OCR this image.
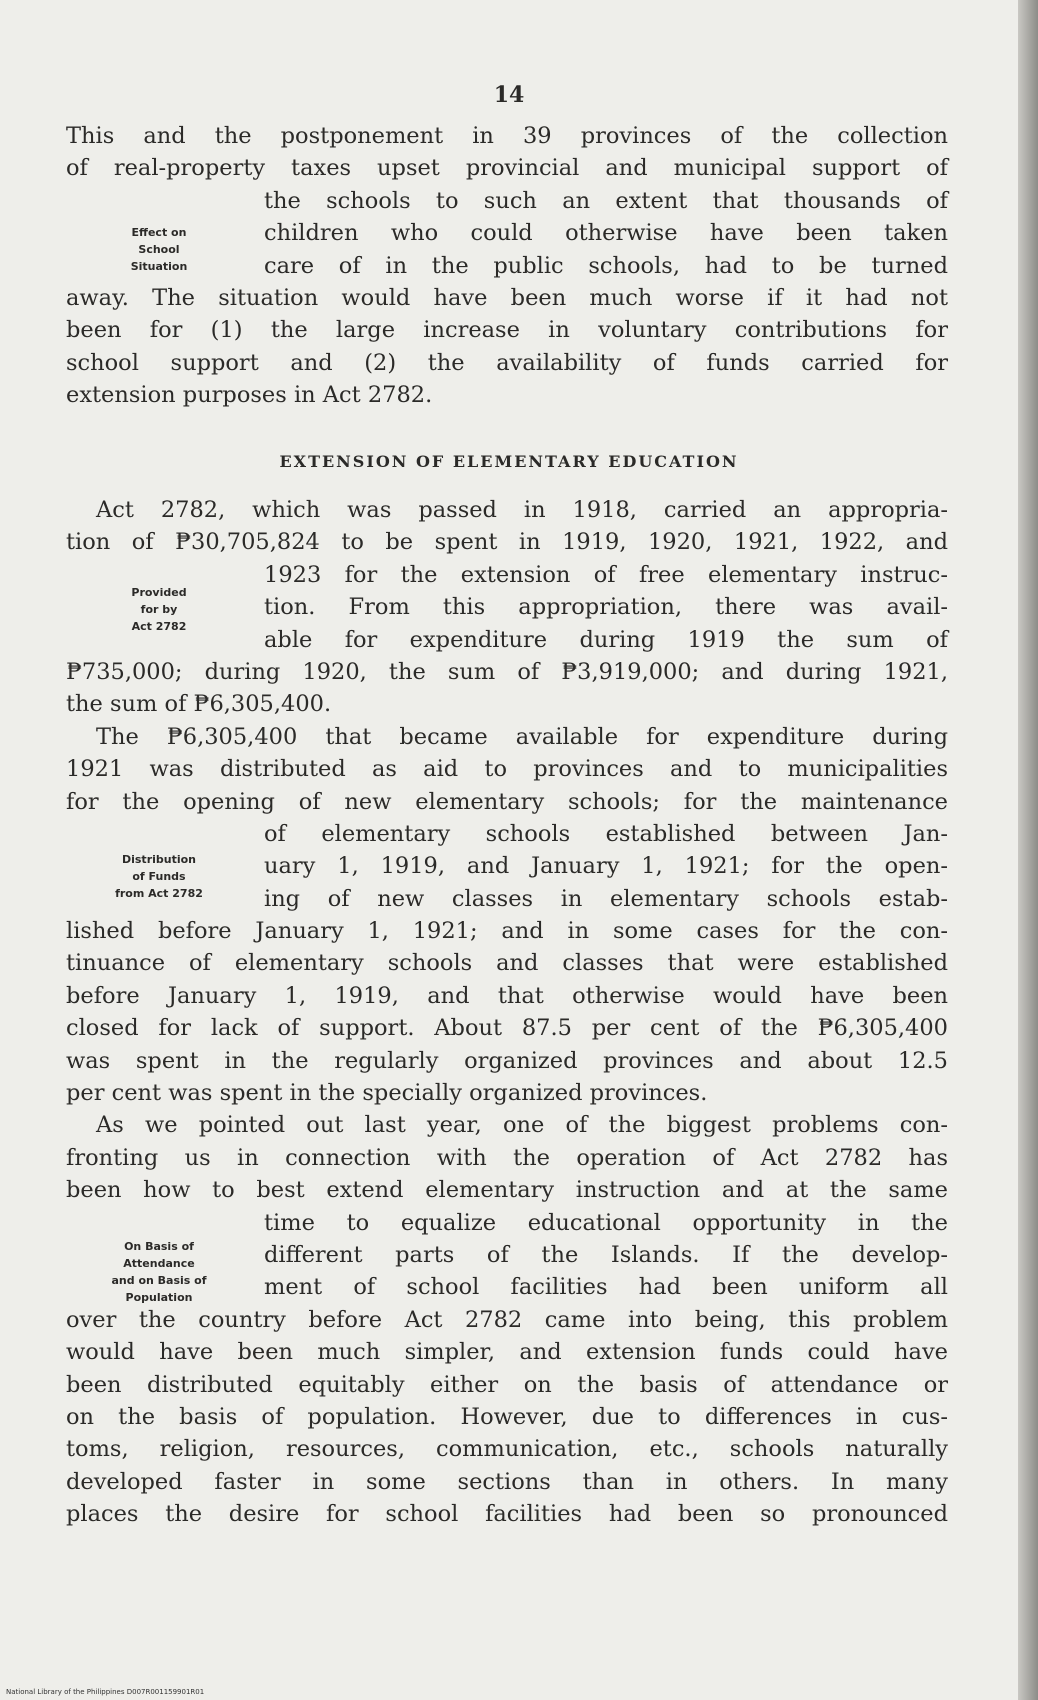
14
This and the postponement in 39 provinces of the collection
of real-property taxes upset provincial and municipal support of
the schools to such an extent that thousands of
children who could otherwise have been taken
care of in the public schools, had to be turned
away. The situation would have been much worse if it had not
been for (1) the large increase in voluntary contributions for
school support and (2) the availability of funds carried for
extension purposes in Act 2782.
Effect on
School
Situation
EXTENSION OF ELEMENTARY EDUCATION
Act 2782, which was passed in 1918, carried an appropria-
tion of ₱30,705,824 to be spent in 1919, 1920, 1921, 1922, and
1923 for the extension of free elementary instruc-
tion. From this appropriation, there was avail-
able for expenditure during 1919 the sum of
₱735,000; during 1920, the sum of ₱3,919,000; and during 1921,
the sum of ₱6,305,400.
The ₱6,305,400 that became available for expenditure during
1921 was distributed as aid to provinces and to municipalities
for the opening of new elementary schools; for the maintenance
of elementary schools established between Jan-
uary 1, 1919, and January 1, 1921; for the open-
ing of new classes in elementary schools estab-
lished before January 1, 1921; and in some cases for the con-
tinuance of elementary schools and classes that were established
before January 1, 1919, and that otherwise would have been
closed for lack of support. About 87.5 per cent of the ₱6,305,400
was spent in the regularly organized provinces and about 12.5
per cent was spent in the specially organized provinces.
As we pointed out last year, one of the biggest problems con-
fronting us in connection with the operation of Act 2782 has
been how to best extend elementary instruction and at the same
time to equalize educational opportunity in the
different parts of the Islands. If the develop-
ment of school facilities had been uniform all
over the country before Act 2782 came into being, this problem
would have been much simpler, and extension funds could have
been distributed equitably either on the basis of attendance or
on the basis of population. However, due to differences in cus-
toms, religion, resources, communication, etc., schools naturally
developed faster in some sections than in others. In many
places the desire for school facilities had been so pronounced
Provided
for by
Act 2782
Distribution
of Funds
from Act 2782
On Basis of
Attendance
and on Basis of
Population
National Library of the Philippines D007R001159901R01
